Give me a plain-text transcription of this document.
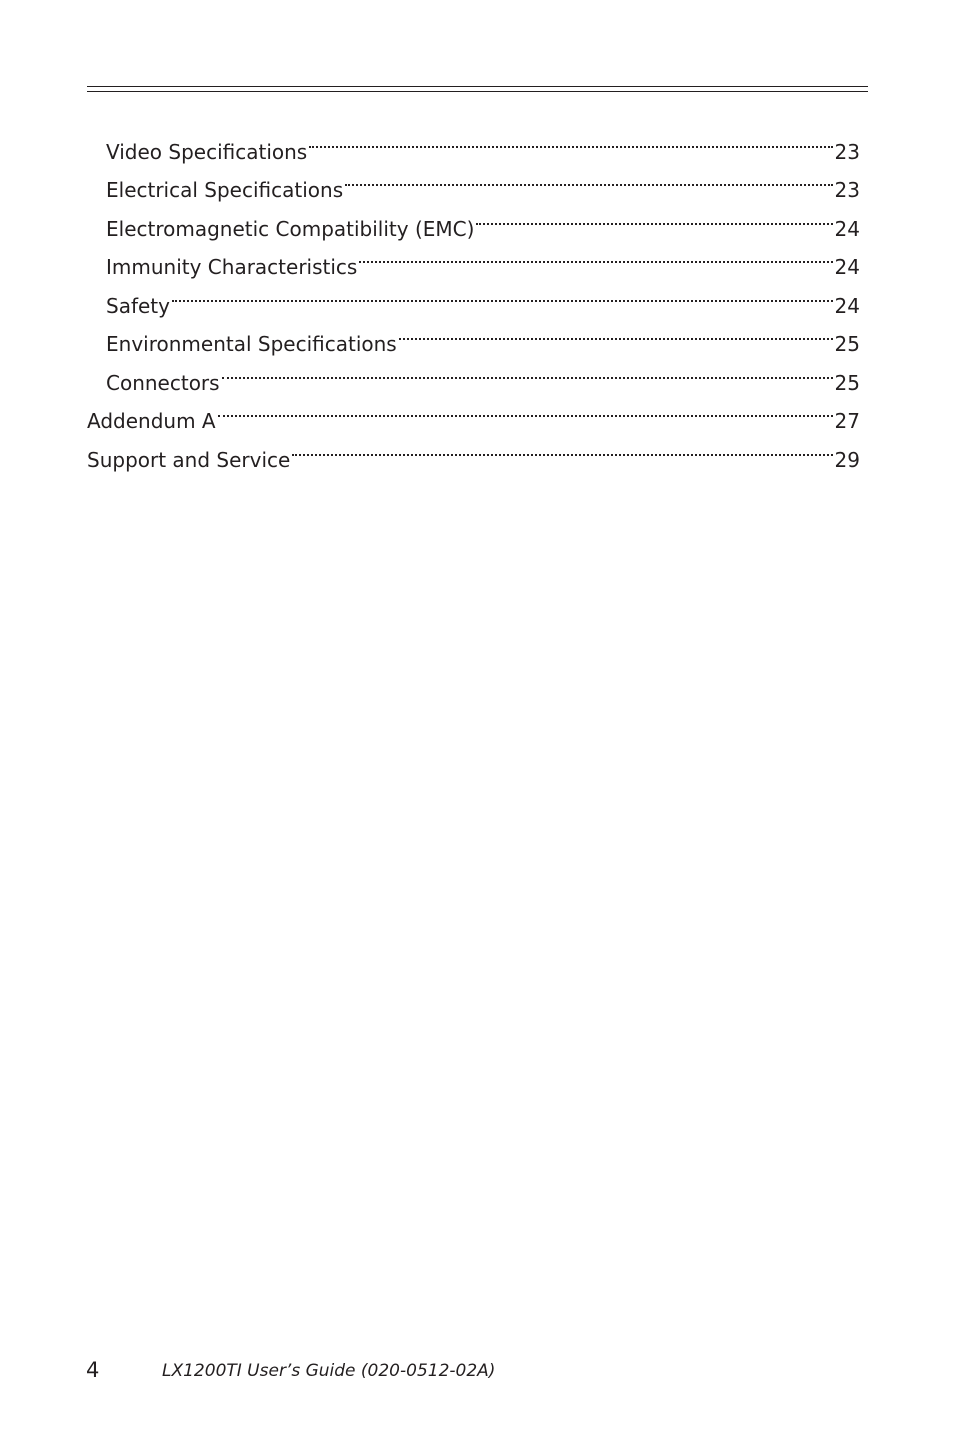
Video Specifications	23
Electrical Specifications	23
Electromagnetic Compatibility (EMC)	24
Immunity Characteristics	24
Safety	24
Environmental Specifications	25
Connectors	25
Addendum A	27
Support and Service	29
4	LX1200TI User’s Guide (020-0512-02A)
